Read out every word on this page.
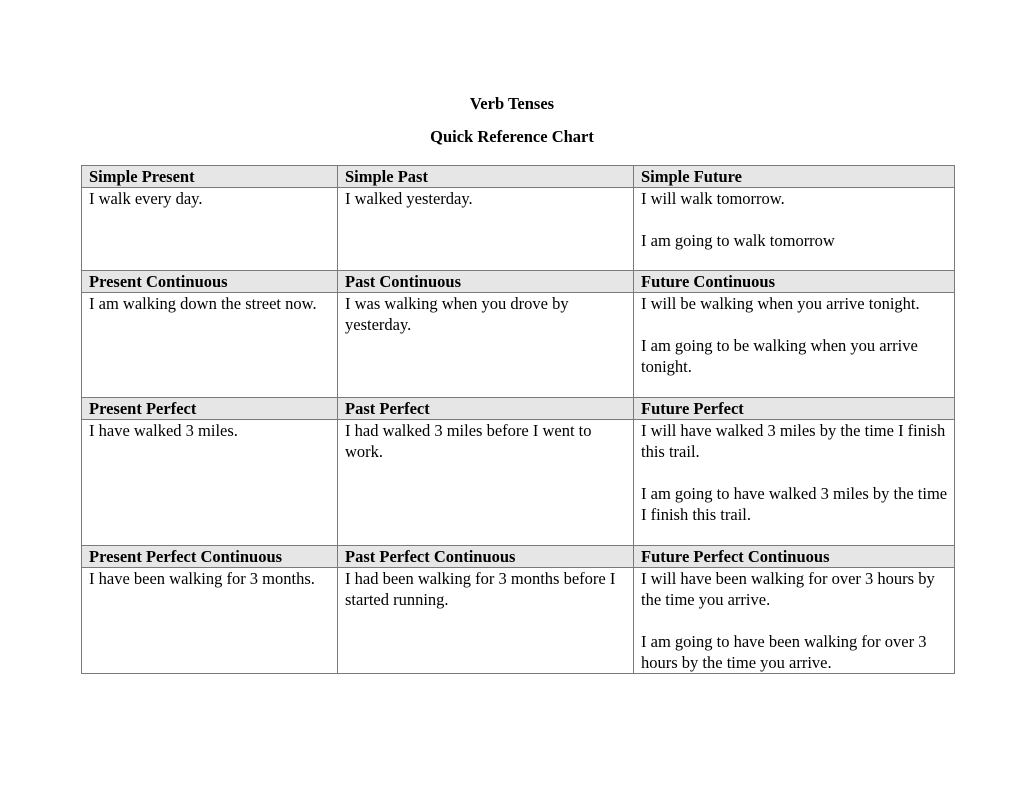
Verb Tenses
Quick Reference Chart
Simple Present	Simple Past	Simple Future

I walk every day.	I walked yesterday.	I will walk tomorrow.
I am going to walk tomorrow

Present Continuous	Past Continuous	Future Continuous

I am walking down the street now.	I was walking when you drove by yesterday.	I will be walking when you arrive tonight.
I am going to be walking when you arrive tonight.

Present Perfect	Past Perfect	Future Perfect

I have walked 3 miles.	I had walked 3 miles before I went to work.	I will have walked 3 miles by the time I finish this trail.
I am going to have walked 3 miles by the time I finish this trail.

Present Perfect Continuous	Past Perfect Continuous	Future Perfect Continuous

I have been walking for 3 months.	I had been walking for 3 months before I started running.	I will have been walking for over 3 hours by the time you arrive.
I am going to have been walking for over 3 hours by the time you arrive.
